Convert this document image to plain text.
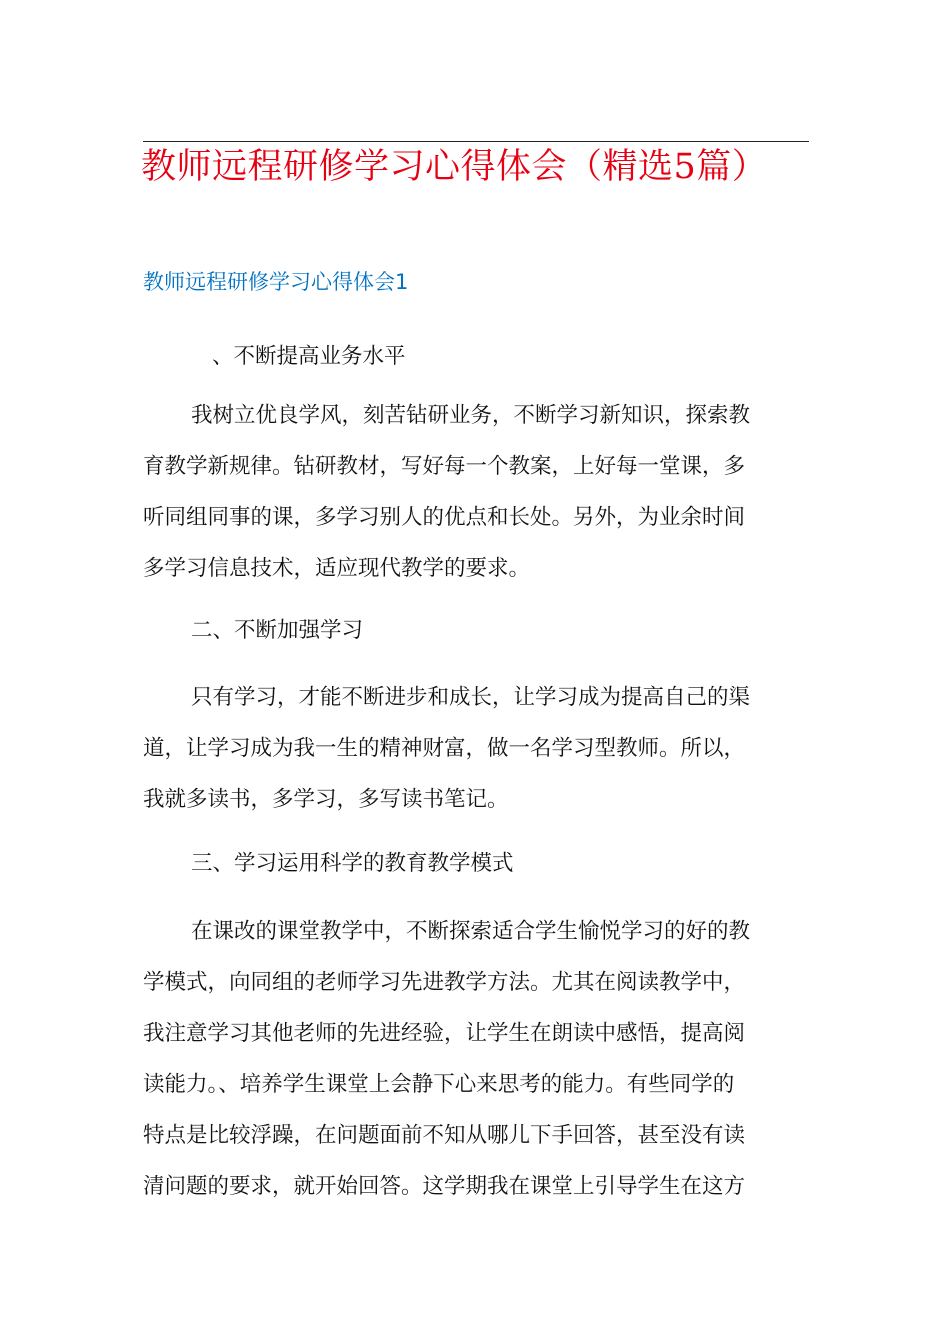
教师远程研修学习心得体会（精选5篇）
教师远程研修学习心得体会1

、不断提高业务水平

我树立优良学风，刻苦钻研业务，不断学习新知识，探索教
育教学新规律。钻研教材，写好每一个教案，上好每一堂课，多
听同组同事的课，多学习别人的优点和长处。另外，为业余时间
多学习信息技术，适应现代教学的要求。

二、不断加强学习

只有学习，才能不断进步和成长，让学习成为提高自己的渠
道，让学习成为我一生的精神财富，做一名学习型教师。所以，
我就多读书，多学习，多写读书笔记。

三、学习运用科学的教育教学模式

在课改的课堂教学中，不断探索适合学生愉悦学习的好的教
学模式，向同组的老师学习先进教学方法。尤其在阅读教学中，
我注意学习其他老师的先进经验，让学生在朗读中感悟，提高阅
读能力。、培养学生课堂上会静下心来思考的能力。有些同学的
特点是比较浮躁，在问题面前不知从哪儿下手回答，甚至没有读
清问题的要求，就开始回答。这学期我在课堂上引导学生在这方
